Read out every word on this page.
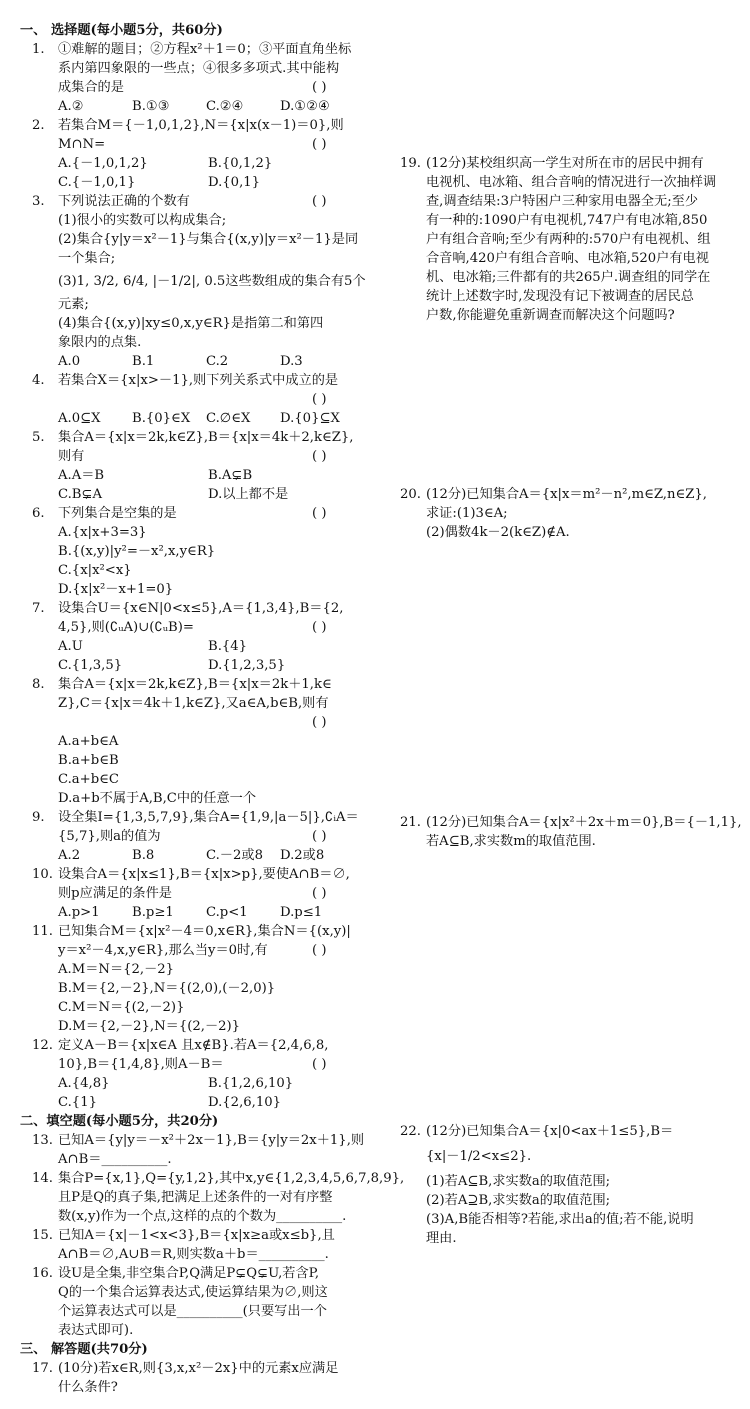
一、 选择题(每小题5分，共60分)
1. ①难解的题目；②方程x²＋1＝0；③平面直角坐标
系内第四象限的一些点；④很多多项式.其中能构
成集合的是	( )
A.②	B.①③	C.②④	D.①②④
2. 若集合M＝{－1,0,1,2},N＝{x|x(x－1)＝0},则
M∩N=	( )
A.{－1,0,1,2}	B.{0,1,2}
C.{－1,0,1}	D.{0,1}
3. 下列说法正确的个数有	( )
(1)很小的实数可以构成集合;
(2)集合{y|y＝x²－1}与集合{(x,y)|y＝x²－1}是同
一个集合;
(3)1, 3/2, 6/4, |－1/2|, 0.5这些数组成的集合有5个
元素;
(4)集合{(x,y)|xy≤0,x,y∈R}是指第二和第四
象限内的点集.
A.0	B.1	C.2	D.3
4. 若集合X＝{x|x>－1},则下列关系式中成立的是
( )
A.0⊆X B.{0}∈X C.∅∈X D.{0}⊆X
5. 集合A＝{x|x＝2k,k∈Z},B＝{x|x＝4k＋2,k∈Z},
则有	( )
A.A＝B	B.A⊊B
C.B⊊A	D.以上都不是
6. 下列集合是空集的是	( )
A.{x|x+3=3}
B.{(x,y)|y²=－x²,x,y∈R}
C.{x|x²<x}
D.{x|x²－x+1=0}
7. 设集合U＝{x∈N|0<x≤5},A＝{1,3,4},B＝{2,
4,5},则(∁ᵤA)∪(∁ᵤB)=	( )
A.U	B.{4}
C.{1,3,5}	D.{1,2,3,5}
8. 集合A＝{x|x＝2k,k∈Z},B＝{x|x＝2k＋1,k∈
Z},C＝{x|x＝4k＋1,k∈Z},又a∈A,b∈B,则有
( )
A.a+b∈A
B.a+b∈B
C.a+b∈C
D.a+b不属于A,B,C中的任意一个
9. 设全集I={1,3,5,7,9},集合A={1,9,|a－5|},∁ᵢA＝
{5,7},则a的值为	( )
A.2	B.8	C.－2或8 D.2或8
10. 设集合A＝{x|x≤1},B＝{x|x>p},要使A∩B＝∅,
则p应满足的条件是	( )
A.p>1 B.p≥1 C.p<1 D.p≤1
11. 已知集合M＝{x|x²－4＝0,x∈R},集合N＝{(x,y)|
y＝x²－4,x,y∈R},那么当y＝0时,有	( )
A.M＝N＝{2,－2}
B.M＝{2,－2},N＝{(2,0),(－2,0)}
C.M＝N＝{(2,－2)}
D.M＝{2,－2},N＝{(2,－2)}
12. 定义A－B＝{x|x∈A 且x∉B}.若A＝{2,4,6,8,
10},B＝{1,4,8},则A－B＝	( )
A.{4,8}	B.{1,2,6,10}
C.{1}	D.{2,6,10}
二、填空题(每小题5分，共20分)
13. 已知A＝{y|y＝－x²＋2x－1},B＝{y|y＝2x＋1},则
A∩B＝__________.
14. 集合P={x,1},Q={y,1,2},其中x,y∈{1,2,3,4,5,6,7,8,9},
且P是Q的真子集,把满足上述条件的一对有序整
数(x,y)作为一个点,这样的点的个数为__________.
15. 已知A＝{x|－1<x<3},B＝{x|x≥a或x≤b},且
A∩B＝∅,A∪B＝R,则实数a＋b＝__________.
16. 设U是全集,非空集合P,Q满足P⊊Q⊊U,若含P,
Q的一个集合运算表达式,使运算结果为∅,则这
个运算表达式可以是__________(只要写出一个
表达式即可).
三、 解答题(共70分)
17. (10分)若x∈R,则{3,x,x²－2x}中的元素x应满足
什么条件?
19. (12分)某校组织高一学生对所在市的居民中拥有
电视机、电冰箱、组合音响的情况进行一次抽样调
查,调查结果:3户特困户三种家用电器全无;至少
有一种的:1090户有电视机,747户有电冰箱,850
户有组合音响;至少有两种的:570户有电视机、组
合音响,420户有组合音响、电冰箱,520户有电视
机、电冰箱;三件都有的共265户.调查组的同学在
统计上述数字时,发现没有记下被调查的居民总
户数,你能避免重新调查而解决这个问题吗?
20. (12分)已知集合A＝{x|x＝m²－n²,m∈Z,n∈Z},
求证:(1)3∈A;
(2)偶数4k－2(k∈Z)∉A.
21. (12分)已知集合A＝{x|x²＋2x＋m＝0},B＝{－1,1},
若A⊆B,求实数m的取值范围.
22. (12分)已知集合A＝{x|0<ax＋1≤5},B＝
{x|－1/2<x≤2}.
(1)若A⊆B,求实数a的取值范围;
(2)若A⊇B,求实数a的取值范围;
(3)A,B能否相等?若能,求出a的值;若不能,说明
理由.
